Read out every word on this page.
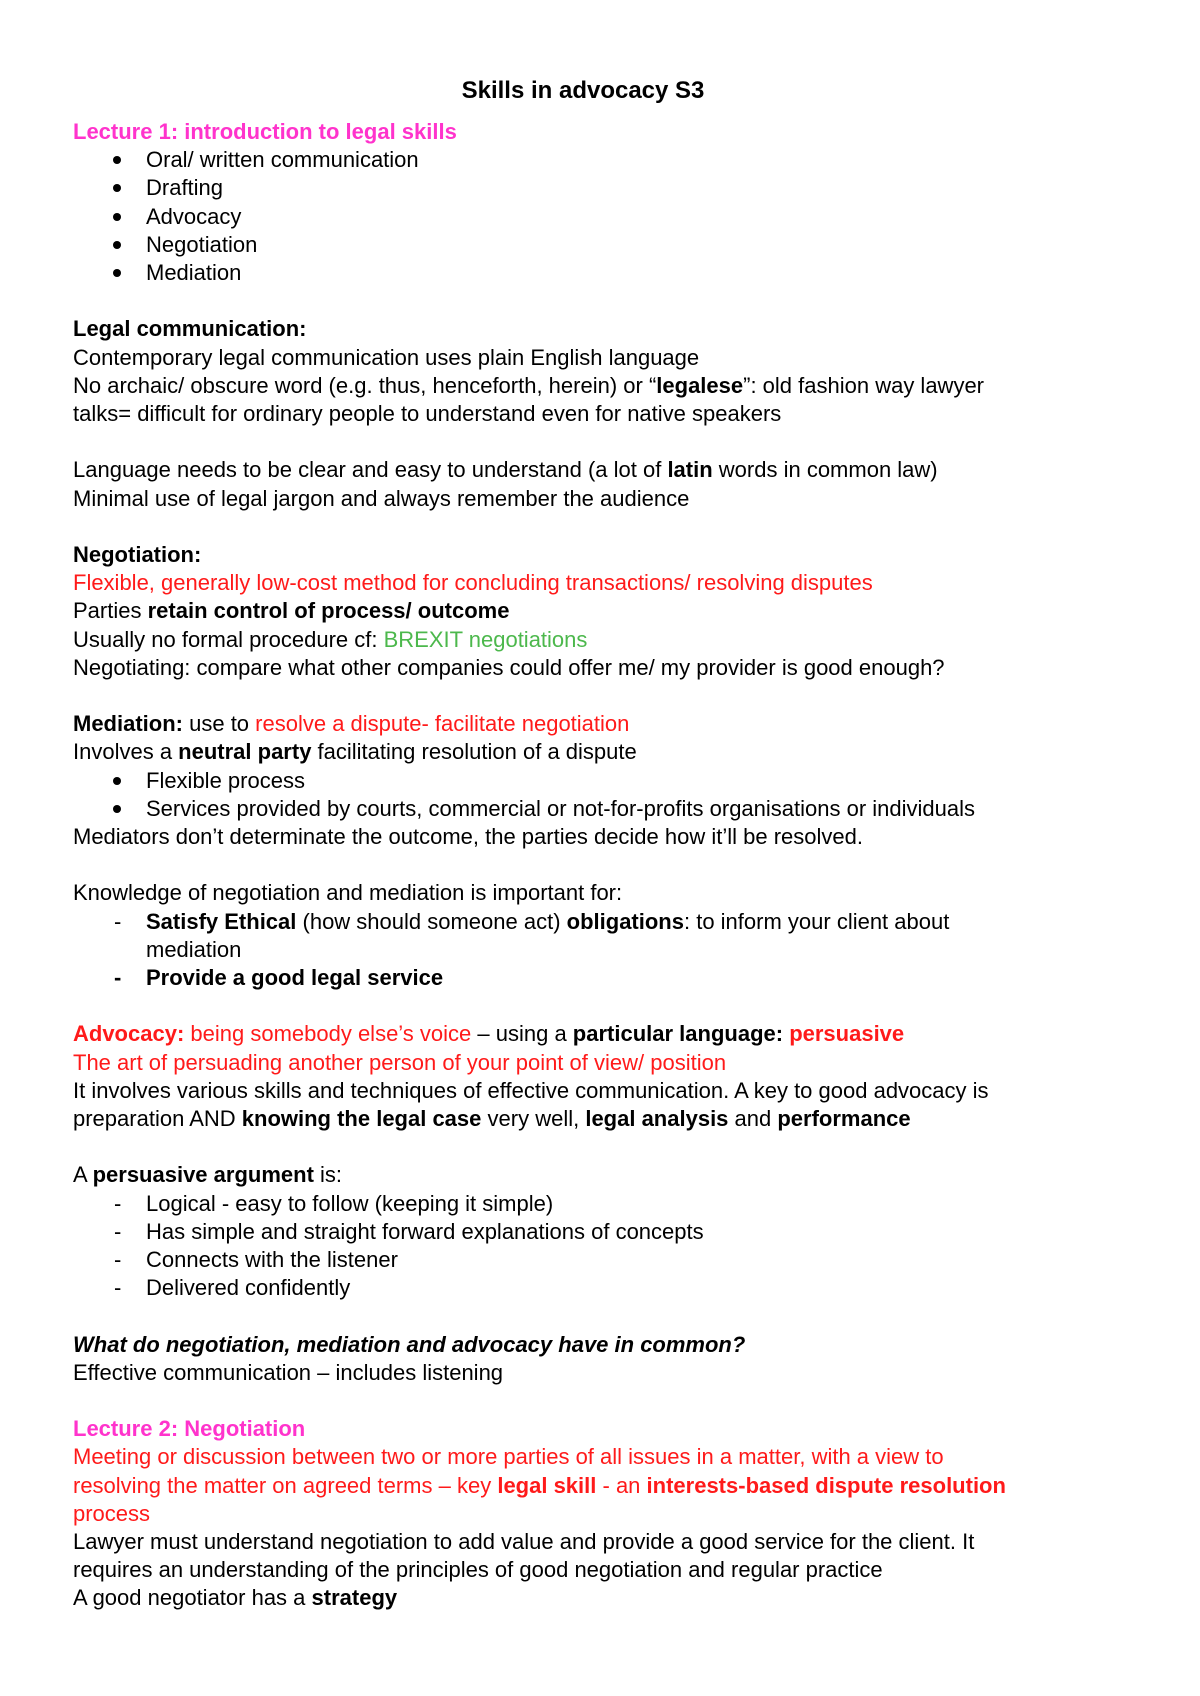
Skills in advocacy S3
Lecture 1: introduction to legal skills
Oral/ written communication
Drafting
Advocacy
Negotiation
Mediation
Legal communication:
Contemporary legal communication uses plain English language
No archaic/ obscure word (e.g. thus, henceforth, herein) or “legalese”: old fashion way lawyer
talks= difficult for ordinary people to understand even for native speakers
Language needs to be clear and easy to understand (a lot of latin words in common law)
Minimal use of legal jargon and always remember the audience
Negotiation:
Flexible, generally low-cost method for concluding transactions/ resolving disputes
Parties retain control of process/ outcome
Usually no formal procedure cf: BREXIT negotiations
Negotiating: compare what other companies could offer me/ my provider is good enough?
Mediation: use to resolve a dispute- facilitate negotiation
Involves a neutral party facilitating resolution of a dispute
Flexible process
Services provided by courts, commercial or not-for-profits organisations or individuals
Mediators don’t determinate the outcome, the parties decide how it’ll be resolved.
Knowledge of negotiation and mediation is important for:
- Satisfy Ethical (how should someone act) obligations: to inform your client about
mediation
- Provide a good legal service
Advocacy: being somebody else’s voice – using a particular language: persuasive
The art of persuading another person of your point of view/ position
It involves various skills and techniques of effective communication. A key to good advocacy is
preparation AND knowing the legal case very well, legal analysis and performance
A persuasive argument is:
- Logical - easy to follow (keeping it simple)
- Has simple and straight forward explanations of concepts
- Connects with the listener
- Delivered confidently
What do negotiation, mediation and advocacy have in common?
Effective communication – includes listening
Lecture 2: Negotiation
Meeting or discussion between two or more parties of all issues in a matter, with a view to
resolving the matter on agreed terms – key legal skill - an interests-based dispute resolution
process
Lawyer must understand negotiation to add value and provide a good service for the client. It
requires an understanding of the principles of good negotiation and regular practice
A good negotiator has a strategy
